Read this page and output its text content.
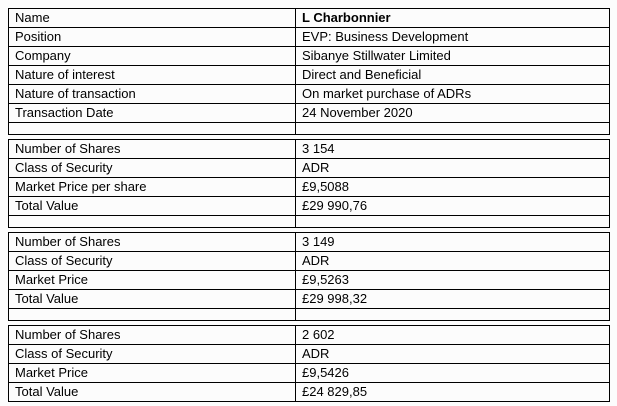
Name	L Charbonnier
Position	EVP: Business Development
Company	Sibanye Stillwater Limited
Nature of interest	Direct and Beneficial
Nature of transaction	On market purchase of ADRs
Transaction Date	24 November 2020

Number of Shares	3 154
Class of Security	ADR
Market Price per share	£9,5088
Total Value	£29 990,76

Number of Shares	3 149
Class of Security	ADR
Market Price	£9,5263
Total Value	£29 998,32

Number of Shares	2 602
Class of Security	ADR
Market Price	£9,5426
Total Value	£24 829,85
